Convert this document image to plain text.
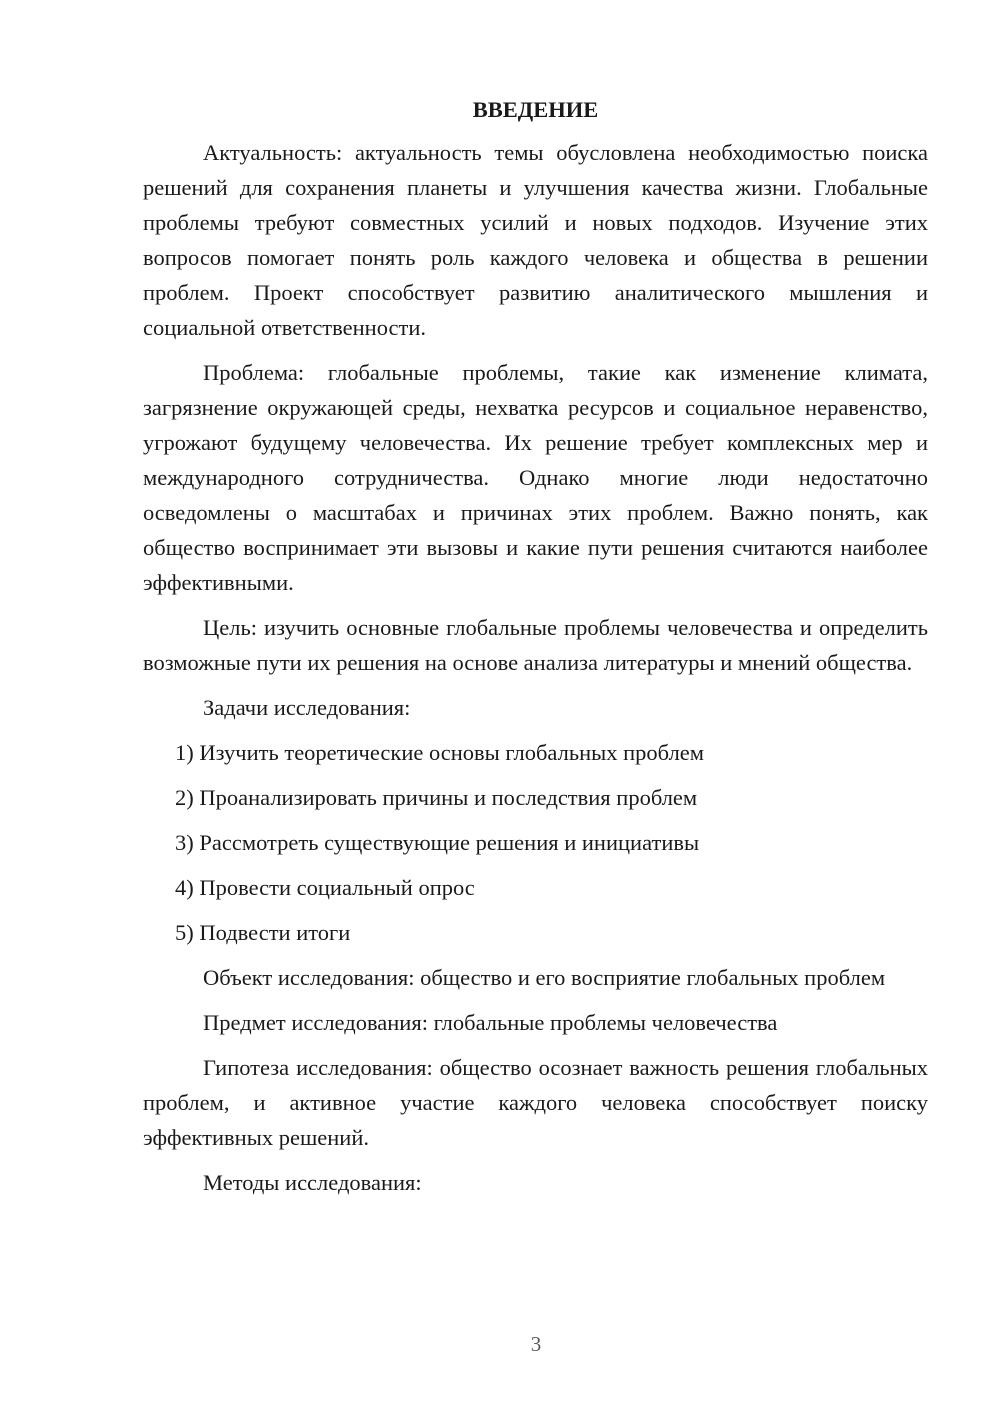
ВВЕДЕНИЕ

Актуальность: актуальность темы обусловлена необходимостью поиска решений для сохранения планеты и улучшения качества жизни. Глобальные проблемы требуют совместных усилий и новых подходов. Изучение этих вопросов помогает понять роль каждого человека и общества в решении проблем. Проект способствует развитию аналитического мышления и социальной ответственности.

Проблема: глобальные проблемы, такие как изменение климата, загрязнение окружающей среды, нехватка ресурсов и социальное неравенство, угрожают будущему человечества. Их решение требует комплексных мер и международного сотрудничества. Однако многие люди недостаточно осведомлены о масштабах и причинах этих проблем. Важно понять, как общество воспринимает эти вызовы и какие пути решения считаются наиболее эффективными.

Цель: изучить основные глобальные проблемы человечества и определить возможные пути их решения на основе анализа литературы и мнений общества.

Задачи исследования:
1) Изучить теоретические основы глобальных проблем
2) Проанализировать причины и последствия проблем
3) Рассмотреть существующие решения и инициативы
4) Провести социальный опрос
5) Подвести итоги

Объект исследования: общество и его восприятие глобальных проблем

Предмет исследования: глобальные проблемы человечества

Гипотеза исследования: общество осознает важность решения глобальных проблем, и активное участие каждого человека способствует поиску эффективных решений.

Методы исследования:
3
